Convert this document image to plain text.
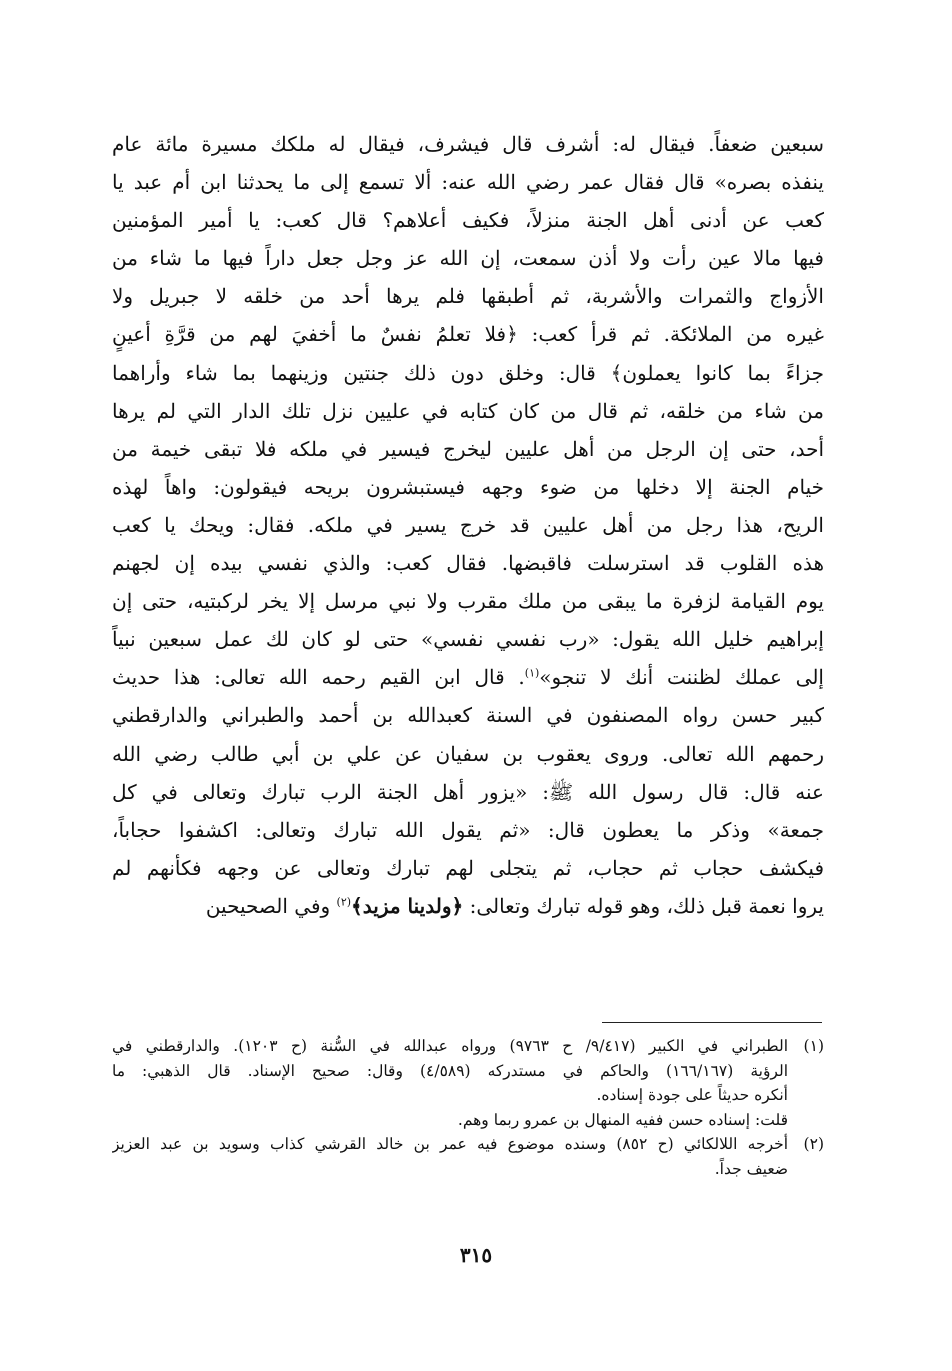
سبعين ضعفاً. فيقال له: أشرف قال فيشرف، فيقال له ملكك مسيرة مائة عام
ينفذه بصره» قال فقال عمر رضي الله عنه: ألا تسمع إلى ما يحدثنا ابن أم عبد يا
كعب عن أدنى أهل الجنة منزلاً، فكيف أعلاهم؟ قال كعب: يا أمير المؤمنين
فيها مالا عين رأت ولا أذن سمعت، إن الله عز وجل جعل داراً فيها ما شاء من
الأزواج والثمرات والأشربة، ثم أطبقها فلم يرها أحد من خلقه لا جبريل ولا
غيره من الملائكة. ثم قرأ كعب: ﴿فلا تعلمُ نفسٌ ما أخفيَ لهم من قرَّةِ أعينٍ
جزاءً بما كانوا يعملون﴾ قال: وخلق دون ذلك جنتين وزينهما بما شاء وأراهما
من شاء من خلقه، ثم قال من كان كتابه في عليين نزل تلك الدار التي لم يرها
أحد، حتى إن الرجل من أهل عليين ليخرج فيسير في ملكه فلا تبقى خيمة من
خيام الجنة إلا دخلها من ضوء وجهه فيستبشرون بريحه فيقولون: واهاً لهذه
الريح، هذا رجل من أهل عليين قد خرج يسير في ملكه. فقال: ويحك يا كعب
هذه القلوب قد استرسلت فاقبضها. فقال كعب: والذي نفسي بيده إن لجهنم
يوم القيامة لزفرة ما يبقى من ملك مقرب ولا نبي مرسل إلا يخر لركبتيه، حتى إن
إبراهيم خليل الله يقول: «رب نفسي نفسي» حتى لو كان لك عمل سبعين نبياً
إلى عملك لظننت أنك لا تنجو»$^{(١)}$. قال ابن القيم رحمه الله تعالى: هذا حديث
كبير حسن رواه المصنفون في السنة كعبدالله بن أحمد والطبراني والدارقطني
رحمهم الله تعالى. وروى يعقوب بن سفيان عن علي بن أبي طالب رضي الله
عنه قال: قال رسول الله ﷺ: «يزور أهل الجنة الرب تبارك وتعالى في كل
جمعة» وذكر ما يعطون قال: «ثم يقول الله تبارك وتعالى: اكشفوا حجاباً،
فيكشف حجاب ثم حجاب، ثم يتجلى لهم تبارك وتعالى عن وجهه فكأنهم لم
يروا نعمة قبل ذلك، وهو قوله تبارك وتعالى: ﴿ولدينا مزيد﴾$^{(٢)}$ وفي الصحيحين
(١)
الطبراني في الكبير (٩/٤١٧/ ح ٩٧٦٣) ورواه عبدالله في السُّنة (ح ١٢٠٣). والدارقطني في
الرؤية (١٦٦/١٦٧) والحاكم في مستدركه (٤/٥٨٩) وقال: صحيح الإسناد. قال الذهبي: ما
أنكره حديثاً على جودة إسناده.
قلت: إسناده حسن ففيه المنهال بن عمرو ربما وهم.
(٢)
أخرجه اللالكائي (ح ٨٥٢) وسنده موضوع فيه عمر بن خالد القرشي كذاب وسويد بن عبد العزيز
ضعيف جداً.
٣١٥
